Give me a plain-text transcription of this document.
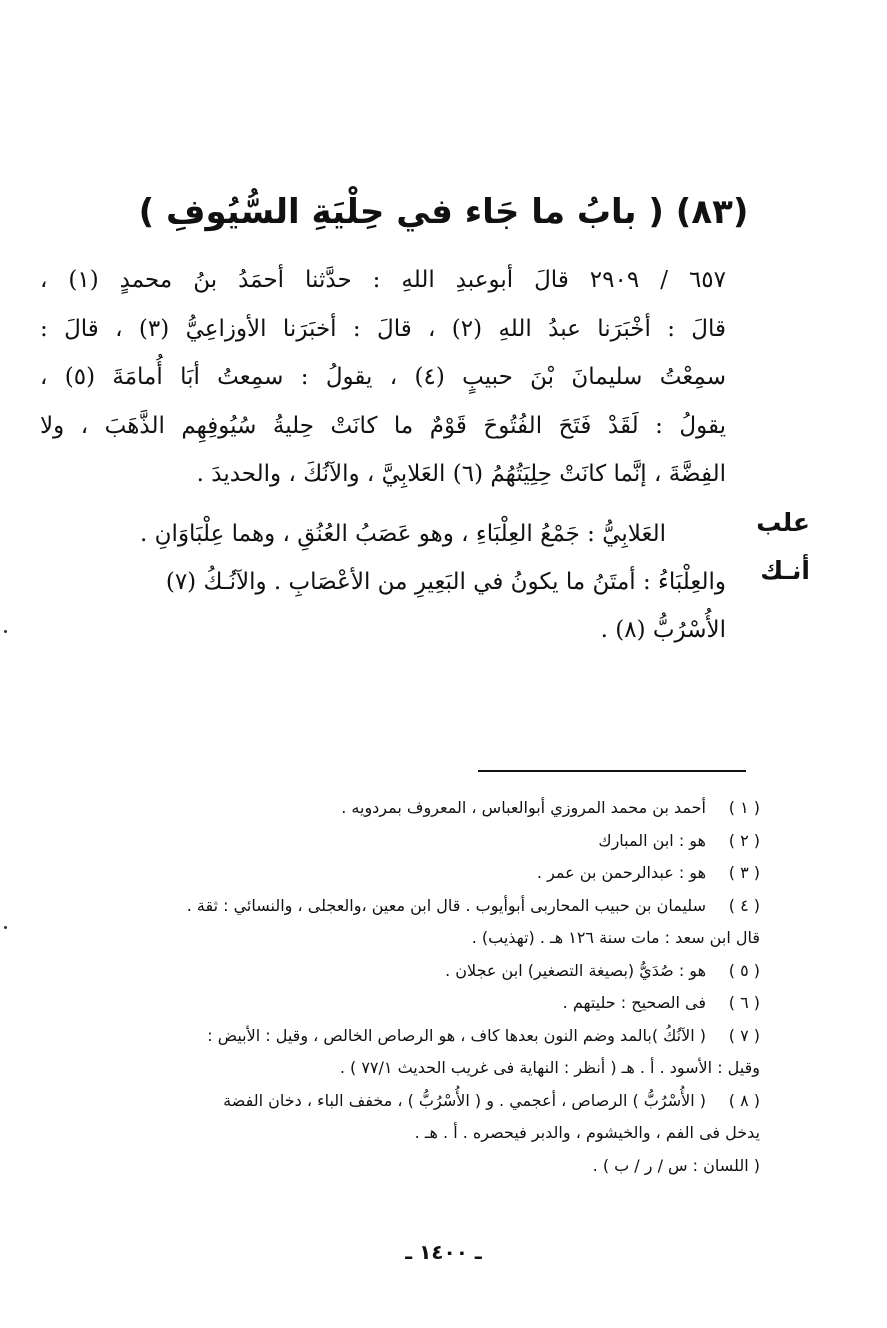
(٨٣) ( بابُ ما جَاء في حِلْيَةِ السُّيُوفِ )

٦٥٧ / ٢٩٠٩ قالَ أبوعبدِ اللهِ : حدَّثنا أحمَدُ بنُ محمدٍ (١) ،

قالَ : أخْبَرَنا عبدُ اللهِ (٢) ، قالَ : أخبَرَنا الأوزاعِيُّ (٣) ، قالَ :

سمِعْتُ سليمانَ بْنَ حبيبٍ (٤) ، يقولُ : سمِعتُ أبَا أُمامَةَ (٥) ،

يقولُ : لَقَدْ فَتَحَ الفُتُوحَ قَوْمٌ ما كانَتْ حِليةُ سُيُوفِهِم الذَّهَبَ ، ولا

الفِضَّةَ ، إنَّما كانَتْ حِلِيَتُهُمُ (٦) العَلابِيَّ ، والآنُكَ ، والحديدَ .

العَلابِيُّ : جَمْعُ العِلْبَاءِ ، وهو عَصَبُ العُنُقِ ، وهما عِلْبَاوَانِ .

والعِلْبَاءُ : أمتَنُ ما يكونُ في البَعِيرِ من الأعْصَابِ . والآنُـكُ (٧)

الأُسْرُبُّ (٨) .

علب
أنـك
( ١ )
أحمد بن محمد المروزي أبوالعباس ، المعروف بمردويه .
( ٢ )
هو : ابن المبارك
( ٣ )
هو : عبدالرحمن بن عمر .
( ٤ )
سليمان بن حبيب المحاربى أبوأيوب . قال ابن معين ،والعجلى ، والنسائي : ثقة .
قال ابن سعد : مات سنة ١٢٦ هـ . (تهذيب) .
( ٥ )
هو : صُدَيُّ (بصيغة التصغير) ابن عجلان .
( ٦ )
فى الصحيح : حليتهم .
( ٧ )
( الآنُكُ )بالمد وضم النون بعدها كاف ، هو الرصاص الخالص ، وقيل : الأبيض :
وقيل : الأسود . أ . هـ ( أنظر : النهاية فى غريب الحديث ٧٧/١ ) .
( ٨ )
( الأُسْرُبُّ ) الرصاص ، أعجمي . و ( الأُسْرُبُّ ) ، مخفف الباء ، دخان الفضة
يدخل فى الفم ، والخيشوم ، والدبر فيحصره . أ . هـ .
( اللسان : س / ر / ب ) .
ـ ١٤٠٠ ـ
